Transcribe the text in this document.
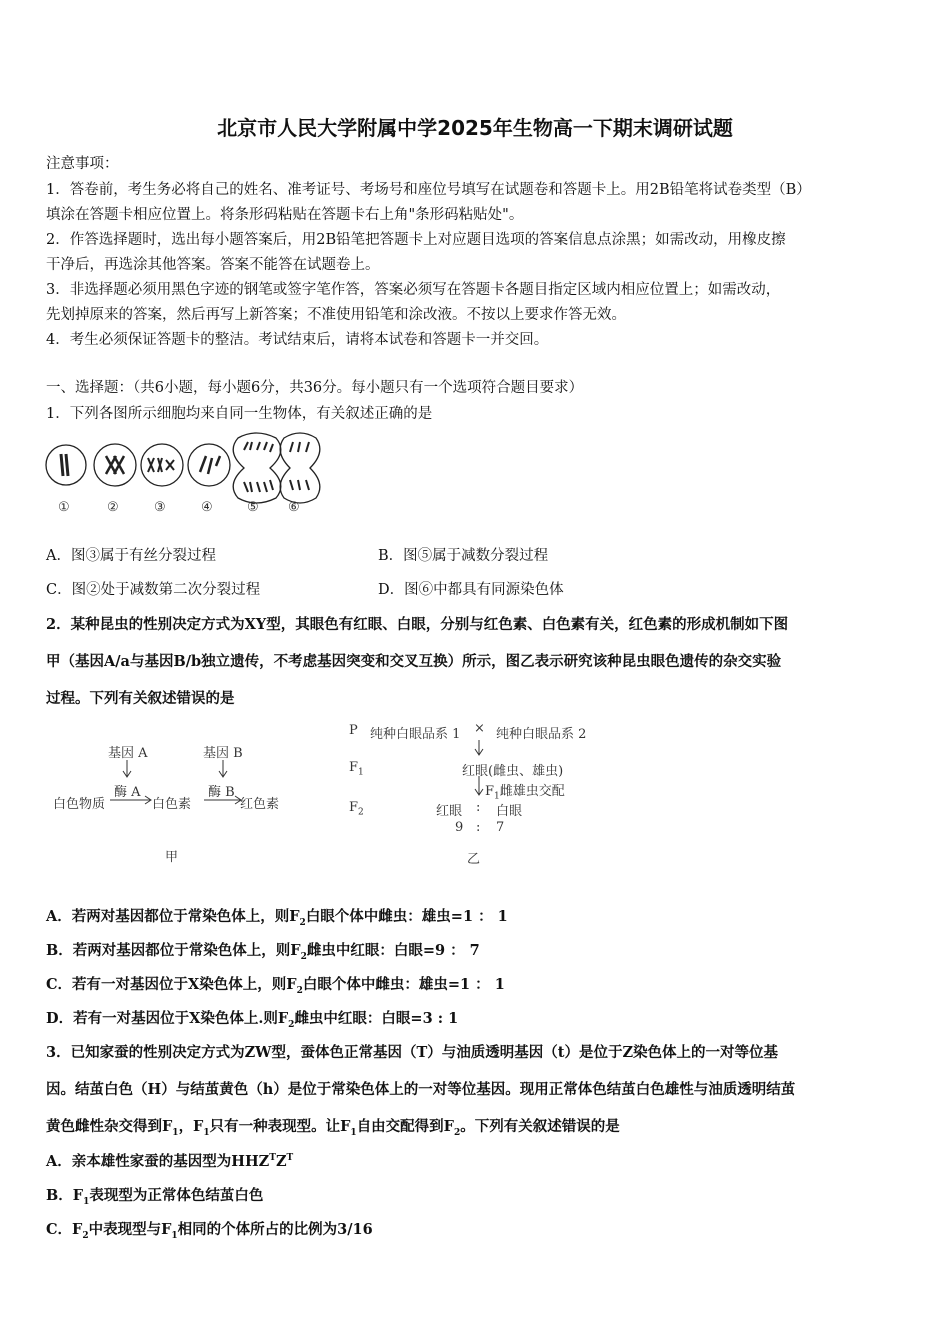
北京市人民大学附属中学2025年生物高一下期末调研试题
注意事项：
1．答卷前，考生务必将自己的姓名、准考证号、考场号和座位号填写在试题卷和答题卡上。用2B铅笔将试卷类型（B）
填涂在答题卡相应位置上。将条形码粘贴在答题卡右上角"条形码粘贴处"。
2．作答选择题时，选出每小题答案后，用2B铅笔把答题卡上对应题目选项的答案信息点涂黑；如需改动，用橡皮擦
干净后，再选涂其他答案。答案不能答在试题卷上。
3．非选择题必须用黑色字迹的钢笔或签字笔作答，答案必须写在答题卡各题目指定区域内相应位置上；如需改动，
先划掉原来的答案，然后再写上新答案；不准使用铅笔和涂改液。不按以上要求作答无效。
4．考生必须保证答题卡的整洁。考试结束后，请将本试卷和答题卡一并交回。
一、选择题：（共6小题，每小题6分，共36分。每小题只有一个选项符合题目要求）
1．下列各图所示细胞均来自同一生物体，有关叙述正确的是
①	②	③	④	⑤ ⑥
A．图③属于有丝分裂过程	B．图⑤属于减数分裂过程
C．图②处于减数第二次分裂过程	D．图⑥中都具有同源染色体
2．某种昆虫的性别决定方式为XY型，其眼色有红眼、白眼，分别与红色素、白色素有关，红色素的形成机制如下图
甲（基因A/a与基因B/b独立遗传，不考虑基因突变和交叉互换）所示，图乙表示研究该种昆虫眼色遗传的杂交实验
过程。下列有关叙述错误的是
基因 A	基因 B
酶 A	酶 B
白色物质	白色素	红色素
甲
P 纯种白眼品系 1 × 纯种白眼品系 2
$F_1$	红眼(雌虫、雄虫)
$F_1$雌雄虫交配
$F_2$	红眼 : 白眼
9 : 7
乙
A．若两对基因都位于常染色体上，则$F_2$白眼个体中雌虫：雄虫=1 ： 1
B．若两对基因都位于常染色体上，则$F_2$雌虫中红眼：白眼=9 ： 7
C．若有一对基因位于X染色体上，则$F_2$白眼个体中雌虫：雄虫=1 ： 1
D．若有一对基因位于X染色体上.则$F_2$雌虫中红眼：白眼=3 : 1
3．已知家蚕的性别决定方式为ZW型，蚕体色正常基因（T）与油质透明基因（t）是位于Z染色体上的一对等位基
因。结茧白色（H）与结茧黄色（h）是位于常染色体上的一对等位基因。现用正常体色结茧白色雄性与油质透明结茧
黄色雌性杂交得到$F_1$，$F_1$只有一种表现型。让$F_1$自由交配得到$F_2$。下列有关叙述错误的是
A．亲本雄性家蚕的基因型为$HHZ^TZ^T$
B．$F_1$表现型为正常体色结茧白色
C．$F_2$中表现型与$F_1$相同的个体所占的比例为3/16
